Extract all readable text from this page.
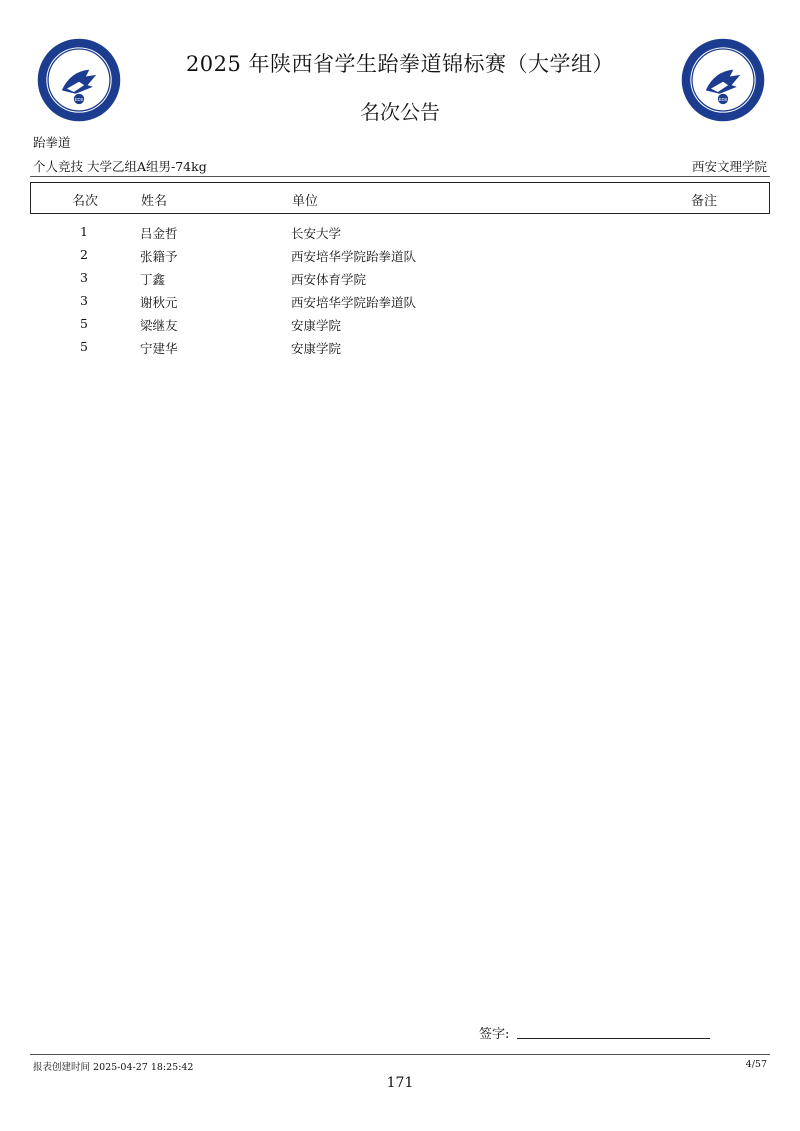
EDS	EDS
2025 年陕西省学生跆拳道锦标赛（大学组）
名次公告
跆拳道
个人竞技 大学乙组A组男-74kg	西安文理学院
名次	姓名	单位	备注
1	吕金哲	长安大学
2	张籍予	西安培华学院跆拳道队
3	丁鑫	西安体育学院
3	谢秋元	西安培华学院跆拳道队
5	梁继友	安康学院
5	宁建华	安康学院
签字:
报表创建时间 2025-04-27 18:25:42	4/57
171
